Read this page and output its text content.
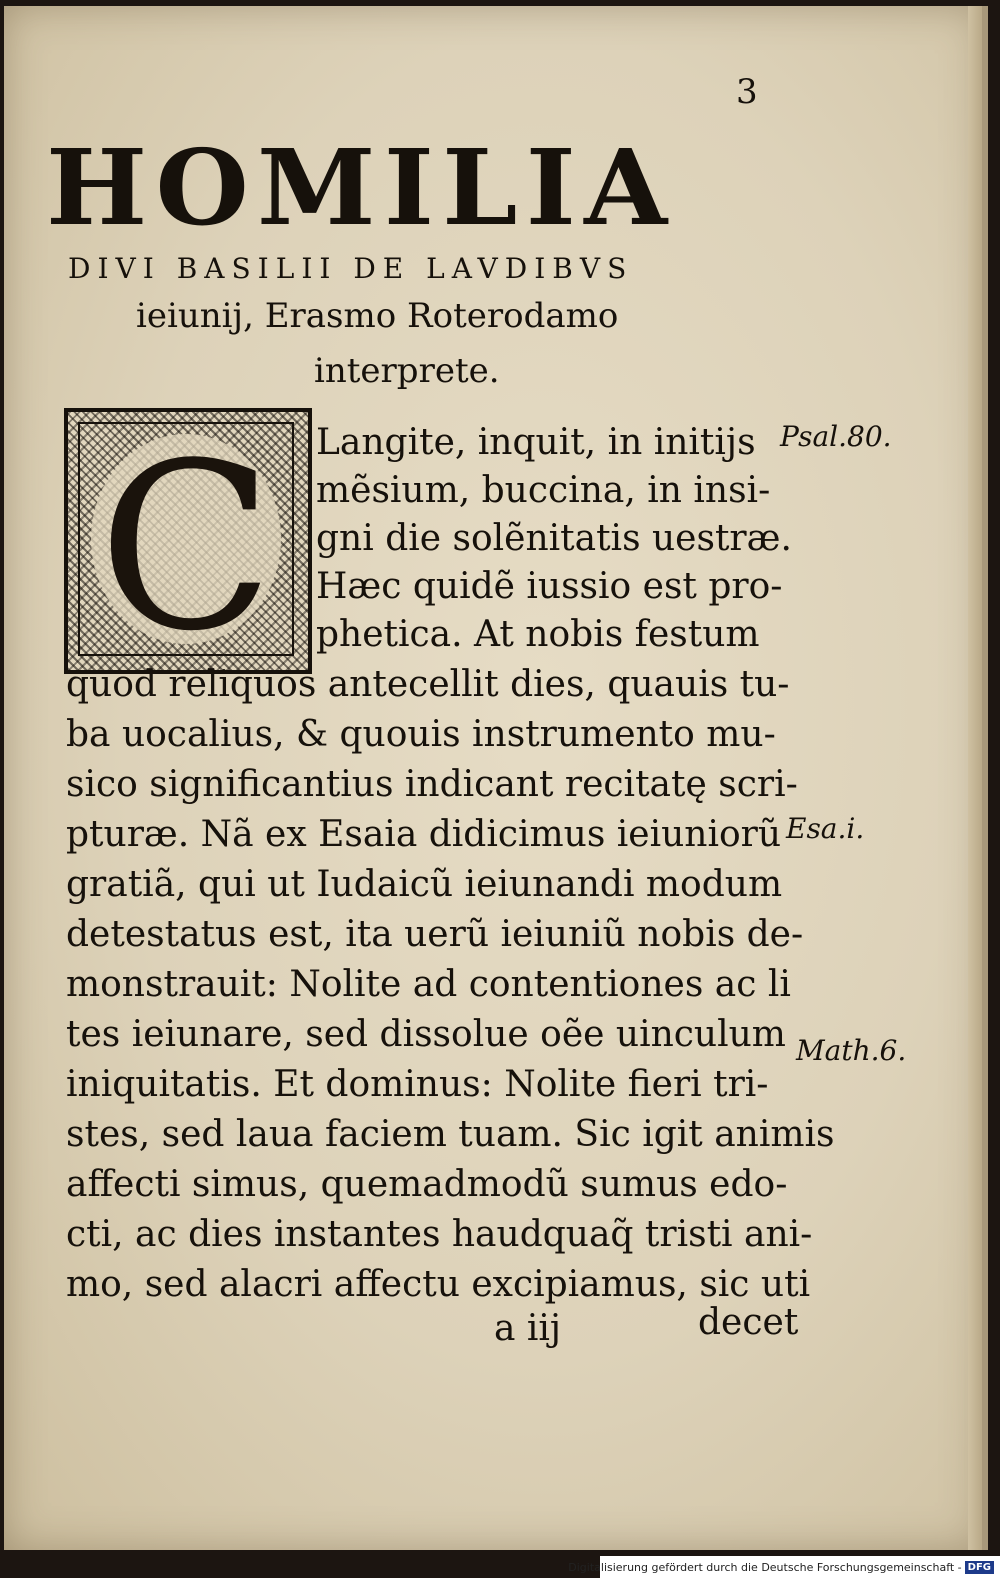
3
HOMILIA
DIVI BASILII DE LAVDIBVS
ieiunij, Erasmo Roterodamo
interprete.
C Langite, inquit, in initijs
mẽsium, buccina, in insi-
gni die solẽnitatis uestræ.
Hæc quidẽ iussio est pro-
phetica. At nobis festum
quod reliquos antecellit dies, quauis tu-
ba uocalius, & quouis instrumento mu-
sico significantius indicant recitatę scri-
pturæ. Nã ex Esaia didicimus ieiuniorũ
gratiã, qui ut Iudaicũ ieiunandi modum
detestatus est, ita uerũ ieiuniũ nobis de-
monstrauit: Nolite ad contentiones ac li
tes ieiunare, sed dissolue oẽe uinculum
iniquitatis. Et dominus: Nolite fieri tri-
stes, sed laua faciem tuam. Sic igit animis
affecti simus, quemadmodũ sumus edo-
cti, ac dies instantes haudquaq̃ tristi ani-
mo, sed alacri affectu excipiamus, sic uti
a iij	decet
Psal.80.
Esa.i.
Math.6.
Digitalisierung gefördert durch die Deutsche Forschungsgemeinschaft - DFG
